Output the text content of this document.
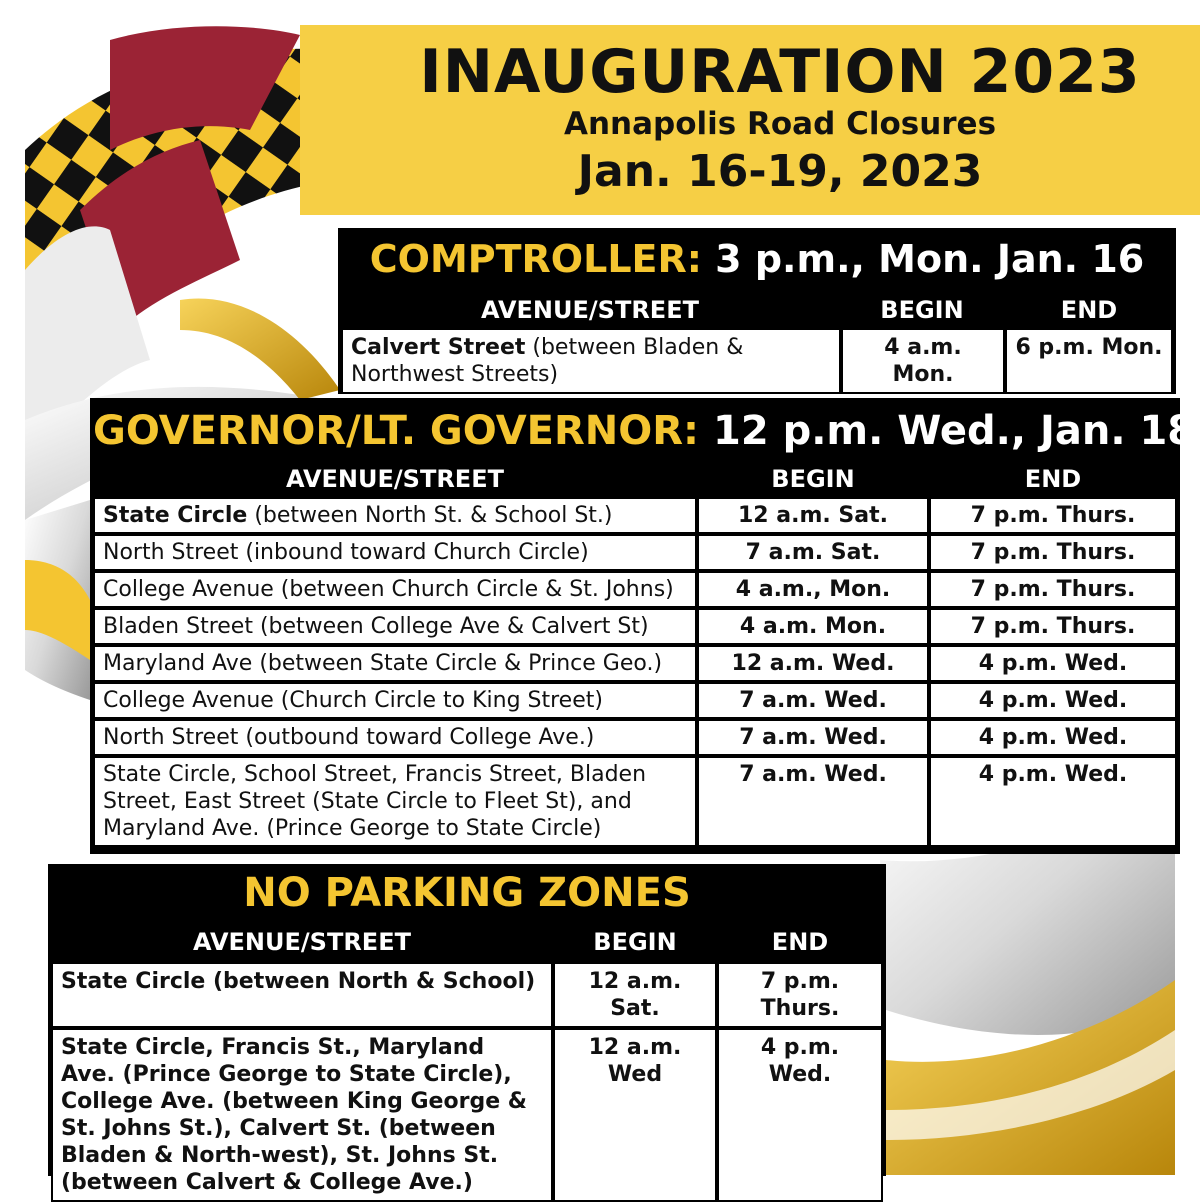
INAUGURATION 2023
Annapolis Road Closures
Jan. 16-19, 2023
COMPTROLLER: 3 p.m., Mon. Jan. 16
AVENUE/STREET	BEGIN	END
Calvert Street (between Bladen & Northwest Streets)	4 a.m. Mon.	6 p.m. Mon.
GOVERNOR/LT. GOVERNOR: 12 p.m. Wed., Jan. 18
AVENUE/STREET	BEGIN	END
State Circle (between North St. & School St.)	12 a.m. Sat.	7 p.m. Thurs.
North Street (inbound toward Church Circle)	7 a.m. Sat.	7 p.m. Thurs.
College Avenue (between Church Circle & St. Johns)	4 a.m., Mon.	7 p.m. Thurs.
Bladen Street (between College Ave & Calvert St)	4 a.m. Mon.	7 p.m. Thurs.
Maryland Ave (between State Circle & Prince Geo.)	12 a.m. Wed.	4 p.m. Wed.
College Avenue (Church Circle to King Street)	7 a.m. Wed.	4 p.m. Wed.
North Street (outbound toward College Ave.)	7 a.m. Wed.	4 p.m. Wed.
State Circle, School Street, Francis Street, Bladen Street, East Street (State Circle to Fleet St), and Maryland Ave. (Prince George to State Circle)	7 a.m. Wed.	4 p.m. Wed.
NO PARKING ZONES
AVENUE/STREET	BEGIN	END
State Circle (between North & School)	12 a.m. Sat.	7 p.m. Thurs.
State Circle, Francis St., Maryland Ave. (Prince George to State Circle), College Ave. (between King George & St. Johns St.), Calvert St. (between Bladen & North-west), St. Johns St. (between Calvert & College Ave.)	12 a.m. Wed	4 p.m. Wed.
